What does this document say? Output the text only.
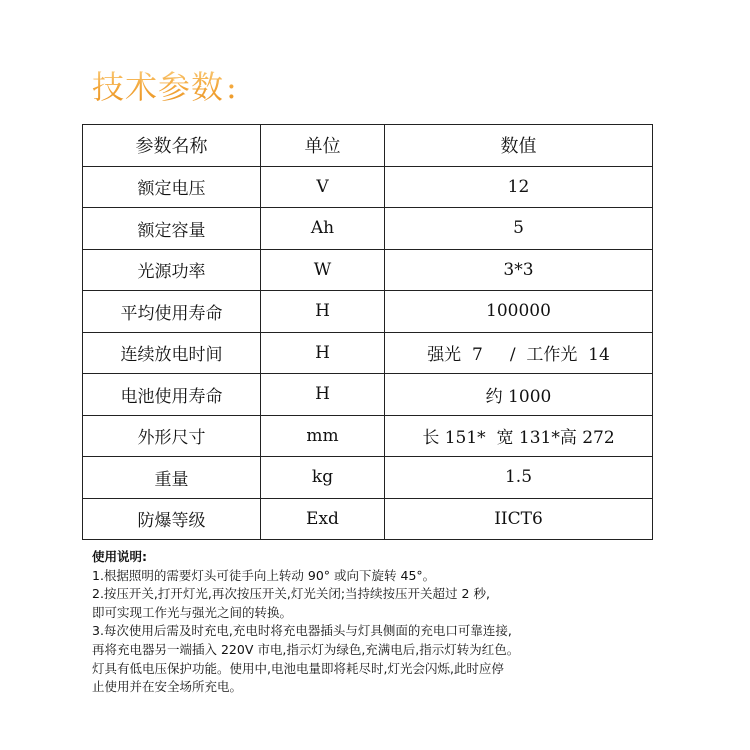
技术参数:
参数名称	单位	数值
额定电压	V	12
额定容量	Ah	5
光源功率	W	3*3
平均使用寿命	H	100000
连续放电时间	H	强光  7     /  工作光  14
电池使用寿命	H	约 1000
外形尺寸	mm	长 151*  宽 131*高 272
重量	kg	1.5
防爆等级	Exd	IICT6
使用说明:
1.根据照明的需要灯头可徒手向上转动 90° 或向下旋转 45°。
2.按压开关,打开灯光,再次按压开关,灯光关闭;当持续按压开关超过 2 秒,
即可实现工作光与强光之间的转换。
3.每次使用后需及时充电,充电时将充电器插头与灯具侧面的充电口可靠连接,
再将充电器另一端插入 220V 市电,指示灯为绿色,充满电后,指示灯转为红色。
灯具有低电压保护功能。使用中,电池电量即将耗尽时,灯光会闪烁,此时应停
止使用并在安全场所充电。
